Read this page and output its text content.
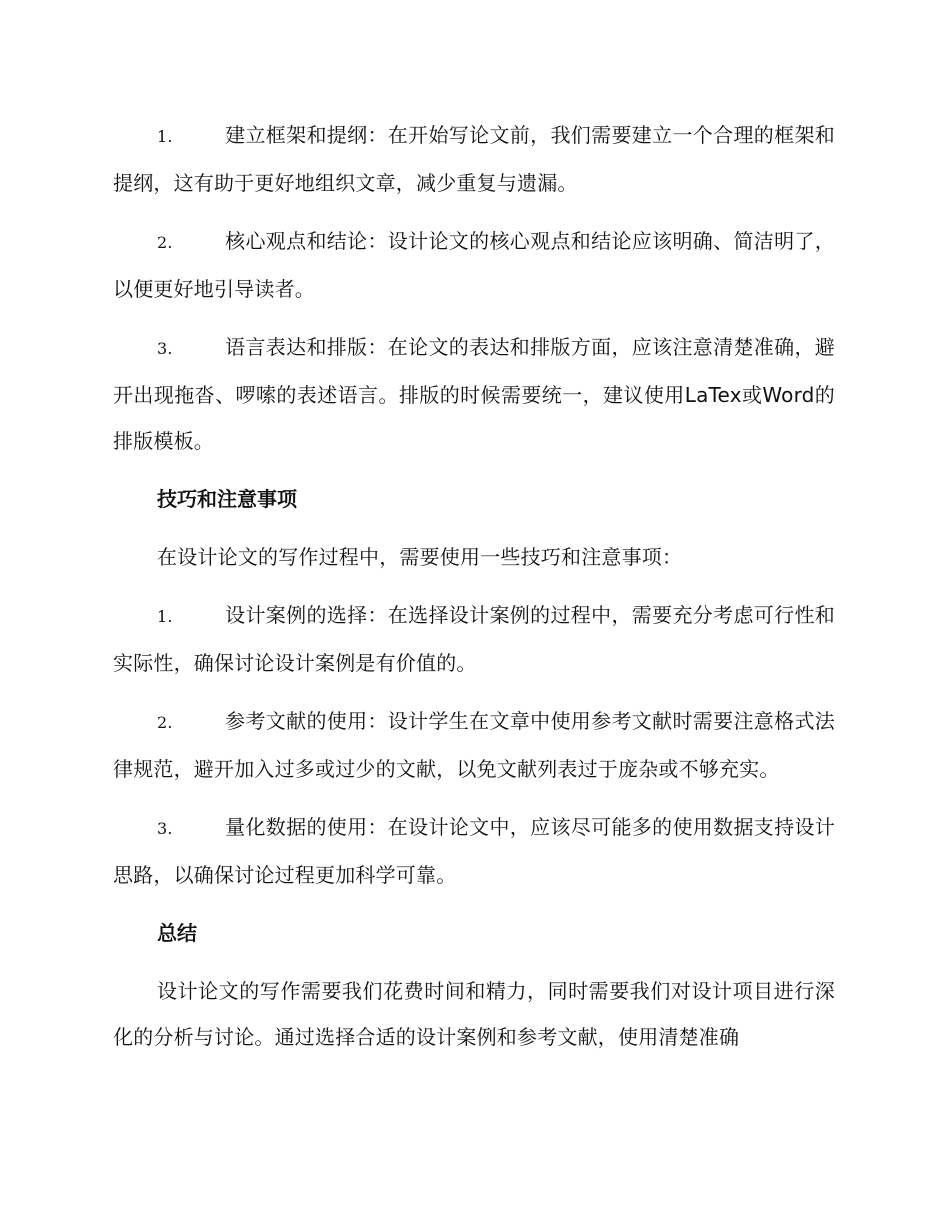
1.	建立框架和提纲：在开始写论文前，我们需要建立一个合理的框架和提纲，这有助于更好地组织文章，减少重复与遗漏。

2.	核心观点和结论：设计论文的核心观点和结论应该明确、简洁明了，以便更好地引导读者。

3.	语言表达和排版：在论文的表达和排版方面，应该注意清楚准确，避开出现拖沓、啰嗦的表述语言。排版的时候需要统一，建议使用LaTex或Word的排版模板。

技巧和注意事项

在设计论文的写作过程中，需要使用一些技巧和注意事项：

1.	设计案例的选择：在选择设计案例的过程中，需要充分考虑可行性和实际性，确保讨论设计案例是有价值的。

2.	参考文献的使用：设计学生在文章中使用参考文献时需要注意格式法律规范，避开加入过多或过少的文献，以免文献列表过于庞杂或不够充实。

3.	量化数据的使用：在设计论文中，应该尽可能多的使用数据支持设计思路，以确保讨论过程更加科学可靠。

总结

设计论文的写作需要我们花费时间和精力，同时需要我们对设计项目进行深化的分析与讨论。通过选择合适的设计案例和参考文献，使用清楚准确
